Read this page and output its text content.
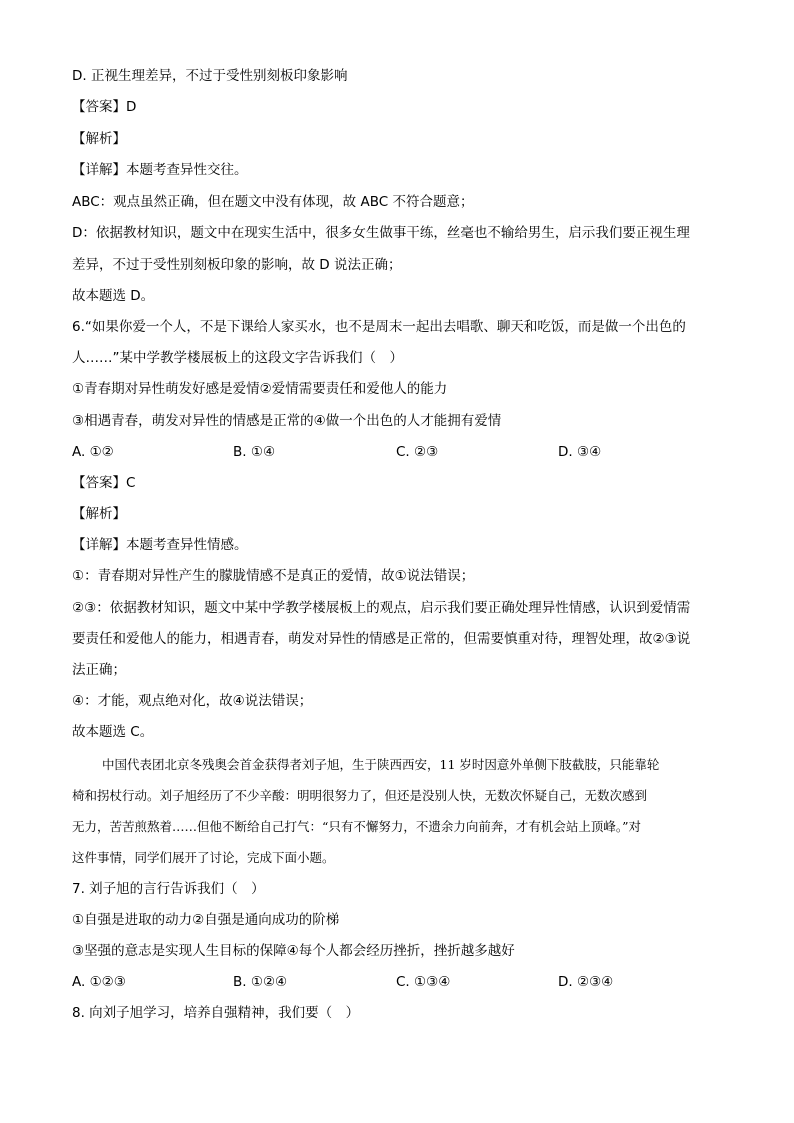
D. 正视生理差异，不过于受性别刻板印象影响
【答案】D
【解析】
【详解】本题考查异性交往。
ABC：观点虽然正确，但在题文中没有体现，故 ABC 不符合题意；
D：依据教材知识，题文中在现实生活中，很多女生做事干练，丝毫也不输给男生，启示我们要正视生理
差异，不过于受性别刻板印象的影响，故 D 说法正确；
故本题选 D。
6.“如果你爱一个人，不是下课给人家买水，也不是周末一起出去唱歌、聊天和吃饭，而是做一个出色的
人……”某中学教学楼展板上的这段文字告诉我们（　）
①青春期对异性萌发好感是爱情②爱情需要责任和爱他人的能力
③相遇青春，萌发对异性的情感是正常的④做一个出色的人才能拥有爱情
A. ①②	B. ①④	C. ②③	D. ③④
【答案】C
【解析】
【详解】本题考查异性情感。
①：青春期对异性产生的朦胧情感不是真正的爱情，故①说法错误；
②③：依据教材知识，题文中某中学教学楼展板上的观点，启示我们要正确处理异性情感，认识到爱情需
要责任和爱他人的能力，相遇青春，萌发对异性的情感是正常的，但需要慎重对待，理智处理，故②③说
法正确；
④：才能，观点绝对化，故④说法错误；
故本题选 C。
中国代表团北京冬残奥会首金获得者刘子旭，生于陕西西安，11 岁时因意外单侧下肢截肢，只能靠轮
椅和拐杖行动。刘子旭经历了不少辛酸：明明很努力了，但还是没别人快，无数次怀疑自己，无数次感到
无力，苦苦煎熬着……但他不断给自己打气：“只有不懈努力，不遗余力向前奔，才有机会站上顶峰。”对
这件事情，同学们展开了讨论，完成下面小题。
7. 刘子旭的言行告诉我们（　）
①自强是进取的动力②自强是通向成功的阶梯
③坚强的意志是实现人生目标的保障④每个人都会经历挫折，挫折越多越好
A. ①②③	B. ①②④	C. ①③④	D. ②③④
8. 向刘子旭学习，培养自强精神，我们要（　）
